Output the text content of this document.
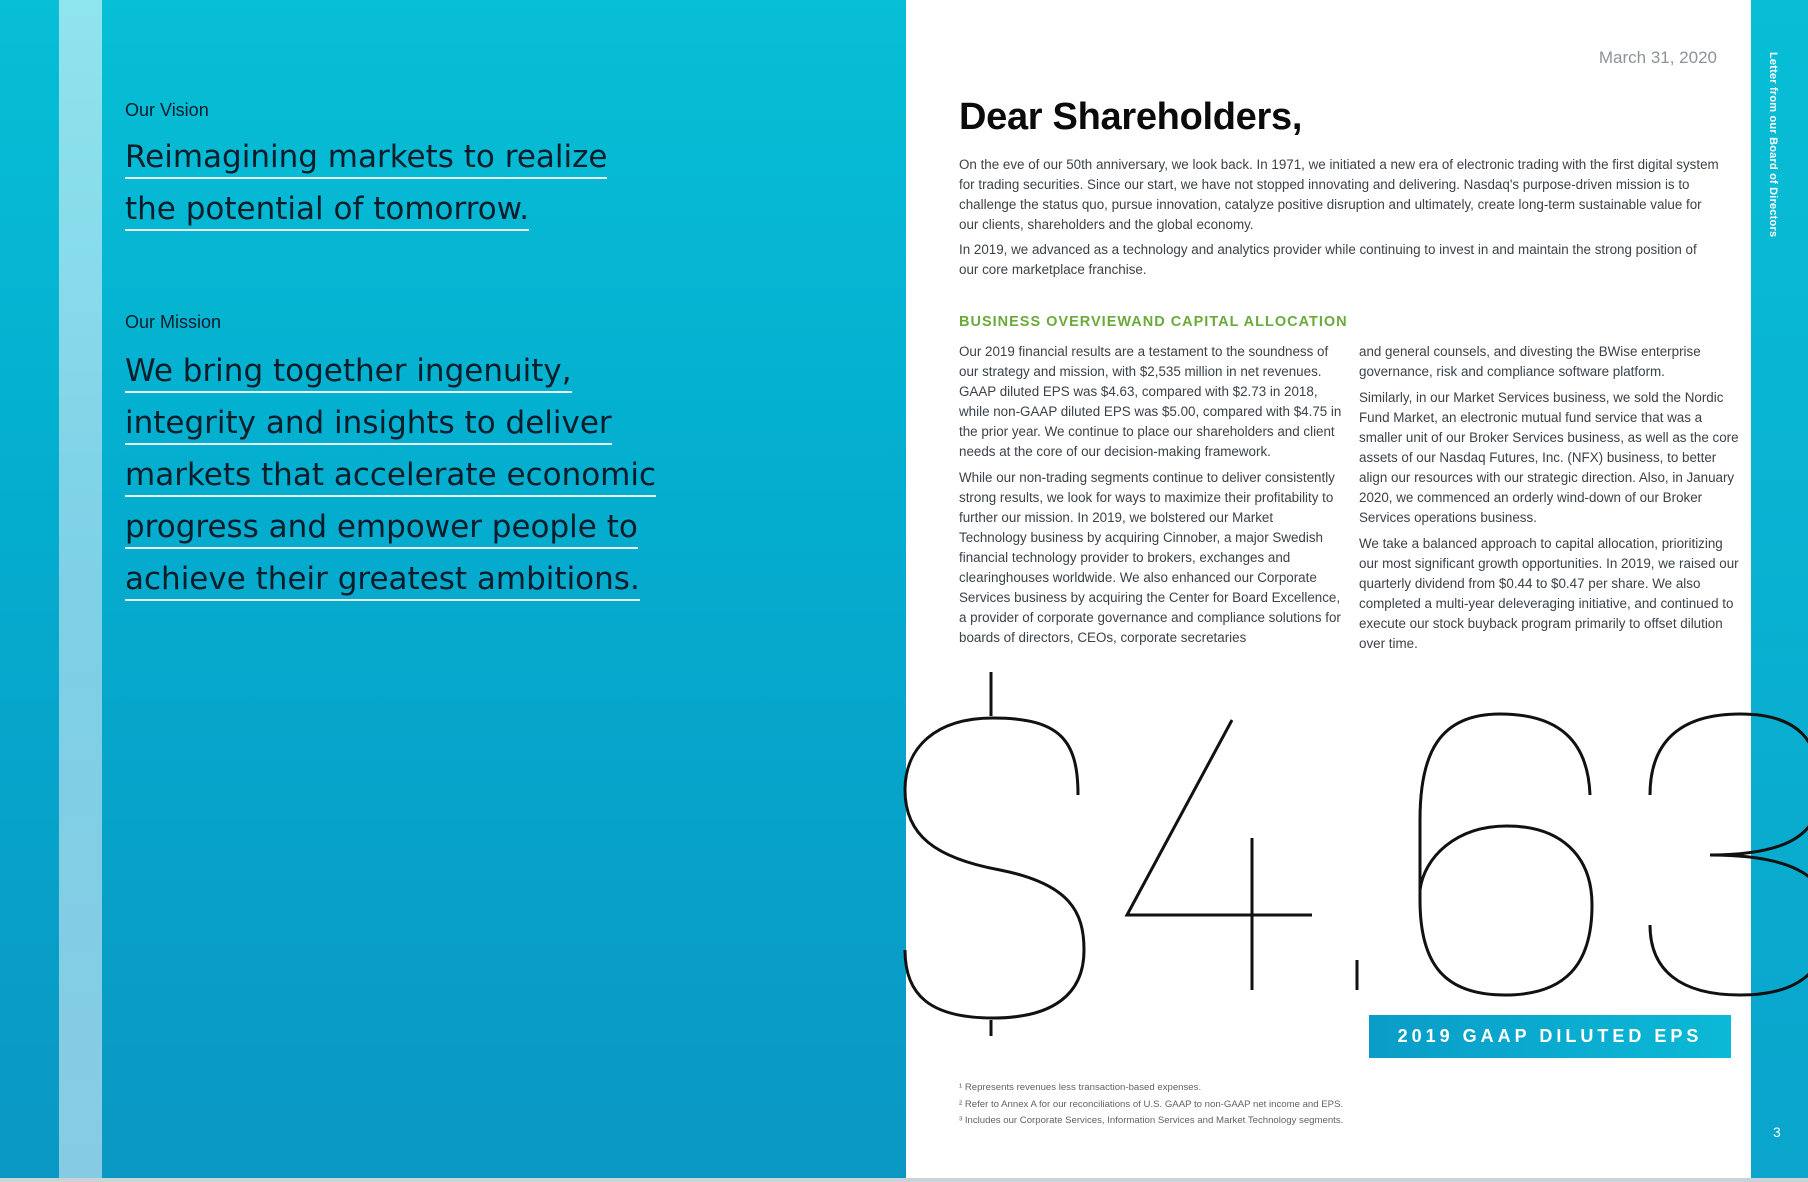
Our Vision
Reimagining markets to realize
the potential of tomorrow.
Our Mission
We bring together ingenuity,
integrity and insights to deliver
markets that accelerate economic
progress and empower people to
achieve their greatest ambitions.
Letter from our Board of Directors
March 31, 2020
Dear Shareholders,

On the eve of our 50th anniversary, we look back. In 1971, we initiated a new era of electronic trading with the first digital system for trading securities. Since our start, we have not stopped innovating and delivering. Nasdaq's purpose-driven mission is to challenge the status quo, pursue innovation, catalyze positive disruption and ultimately, create long-term sustainable value for our clients, shareholders and the global economy.

In 2019, we advanced as a technology and analytics provider while continuing to invest in and maintain the strong position of our core marketplace franchise.

BUSINESS OVERVIEWAND CAPITAL ALLOCATION

Our 2019 financial results are a testament to the soundness of our strategy and mission, with $2,535 million in net revenues. GAAP diluted EPS was $4.63, compared with $2.73 in 2018, while non-GAAP diluted EPS was $5.00, compared with $4.75 in the prior year. We continue to place our shareholders and client needs at the core of our decision-making framework.

While our non-trading segments continue to deliver consistently strong results, we look for ways to maximize their profitability to further our mission. In 2019, we bolstered our Market Technology business by acquiring Cinnober, a major Swedish financial technology provider to brokers, exchanges and clearinghouses worldwide. We also enhanced our Corporate Services business by acquiring the Center for Board Excellence, a provider of corporate governance and compliance solutions for boards of directors, CEOs, corporate secretaries

and general counsels, and divesting the BWise enterprise governance, risk and compliance software platform.

Similarly, in our Market Services business, we sold the Nordic Fund Market, an electronic mutual fund service that was a smaller unit of our Broker Services business, as well as the core assets of our Nasdaq Futures, Inc. (NFX) business, to better align our resources with our strategic direction. Also, in January 2020, we commenced an orderly wind-down of our Broker Services operations business.

We take a balanced approach to capital allocation, prioritizing our most significant growth opportunities. In 2019, we raised our quarterly dividend from $0.44 to $0.47 per share. We also completed a multi-year deleveraging initiative, and continued to execute our stock buyback program primarily to offset dilution over time.

2019 GAAP DILUTED EPS
¹ Represents revenues less transaction-based expenses.
² Refer to Annex A for our reconciliations of U.S. GAAP to non-GAAP net income and EPS.
³ Includes our Corporate Services, Information Services and Market Technology segments.
3
